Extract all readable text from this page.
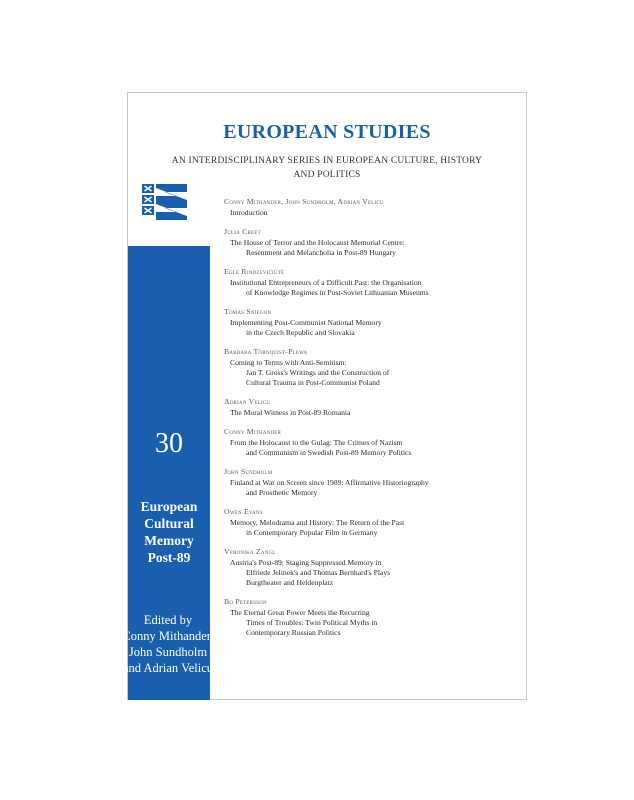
EUROPEAN STUDIES
AN INTERDISCIPLINARY SERIES IN EUROPEAN CULTURE, HISTORY
AND POLITICS
30
European
Cultural
Memory
Post-89
Edited by
Conny Mithander,
John Sundholm
and Adrian Velicu
Conny Mithander, John Sundholm, Adrian Velicu
Introduction
Julia Creet
The House of Terror and the Holocaust Memorial Centre:
Resentment and Melancholia in Post-89 Hungary
Eglė Rindzevičiūtė
Institutional Entrepreneurs of a Difficult Past: the Organisation
of Knowledge Regimes in Post-Soviet Lithuanian Museums
Tomas Sniegon
Implementing Post-Communist National Memory
in the Czech Republic and Slovakia
Barbara Törnquist-Plewa
Coming to Terms with Anti-Semitism:
Jan T. Gross's Writings and the Construction of
Cultural Trauma in Post-Communist Poland
Adrian Velicu
The Moral Witness in Post-89 Romania
Conny Mithander
From the Holocaust to the Gulag: The Crimes of Nazism
and Communism in Swedish Post-89 Memory Politics
John Sundholm
Finland at War on Screen since 1989: Affirmative Historiography
and Prosthetic Memory
Owen Evans
Memory, Melodrama and History: The Return of the Past
in Contemporary Popular Film in Germany
Veronika Zangl
Austria's Post-89: Staging Suppressed Memory in
Elfriede Jelinek's and Thomas Bernhard's Plays
Burgtheater and Heldenplatz
Bo Petersson
The Eternal Great Power Meets the Recurring
Times of Troubles: Twin Political Myths in
Contemporary Russian Politics
